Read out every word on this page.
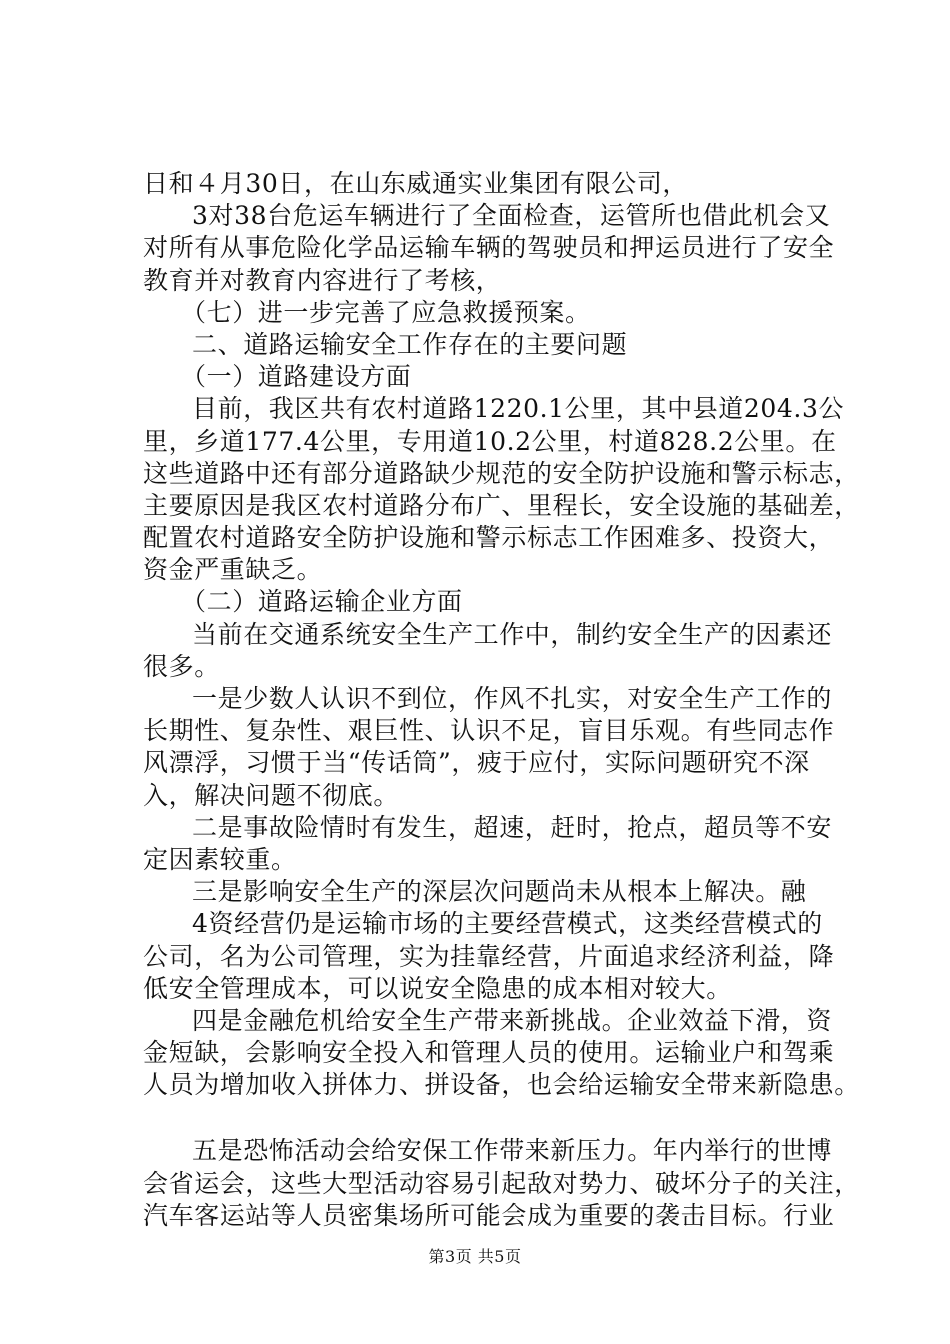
日和４月30日，在山东威通实业集团有限公司，
3对38台危运车辆进行了全面检查，运管所也借此机会又
对所有从事危险化学品运输车辆的驾驶员和押运员进行了安全
教育并对教育内容进行了考核，
（七）进一步完善了应急救援预案。
二、道路运输安全工作存在的主要问题
（一）道路建设方面
目前，我区共有农村道路1220.1公里，其中县道204.3公
里，乡道177.4公里，专用道10.2公里，村道828.2公里。在
这些道路中还有部分道路缺少规范的安全防护设施和警示标志，
主要原因是我区农村道路分布广、里程长，安全设施的基础差，
配置农村道路安全防护设施和警示标志工作困难多、投资大，
资金严重缺乏。
（二）道路运输企业方面
当前在交通系统安全生产工作中，制约安全生产的因素还
很多。
一是少数人认识不到位，作风不扎实，对安全生产工作的
长期性、复杂性、艰巨性、认识不足，盲目乐观。有些同志作
风漂浮，习惯于当“传话筒”，疲于应付，实际问题研究不深
入，解决问题不彻底。
二是事故险情时有发生，超速，赶时，抢点，超员等不安
定因素较重。
三是影响安全生产的深层次问题尚未从根本上解决。融
4资经营仍是运输市场的主要经营模式，这类经营模式的
公司，名为公司管理，实为挂靠经营，片面追求经济利益，降
低安全管理成本，可以说安全隐患的成本相对较大。
四是金融危机给安全生产带来新挑战。企业效益下滑，资
金短缺，会影响安全投入和管理人员的使用。运输业户和驾乘
人员为增加收入拼体力、拼设备，也会给运输安全带来新隐患。
五是恐怖活动会给安保工作带来新压力。年内举行的世博
会省运会，这些大型活动容易引起敌对势力、破坏分子的关注，
汽车客运站等人员密集场所可能会成为重要的袭击目标。行业
第3页 共5页
